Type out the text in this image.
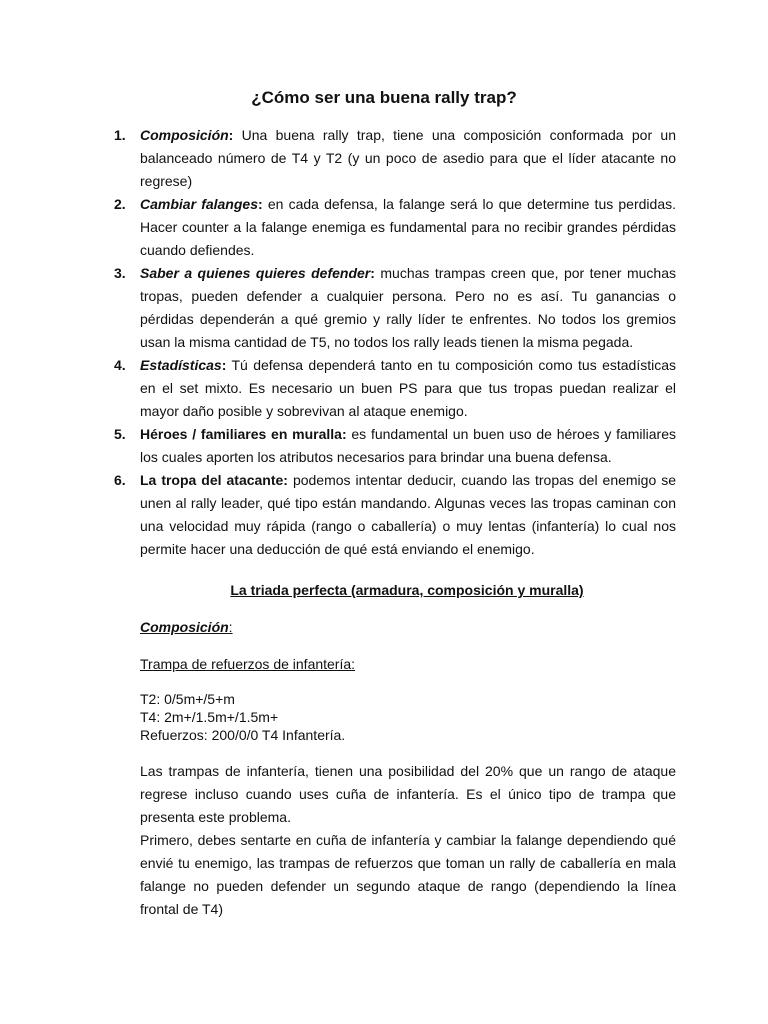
¿Cómo ser una buena rally trap?
1. Composición: Una buena rally trap, tiene una composición conformada por un balanceado número de T4 y T2 (y un poco de asedio para que el líder atacante no regrese)
2. Cambiar falanges: en cada defensa, la falange será lo que determine tus perdidas. Hacer counter a la falange enemiga es fundamental para no recibir grandes pérdidas cuando defiendes.
3. Saber a quienes quieres defender: muchas trampas creen que, por tener muchas tropas, pueden defender a cualquier persona. Pero no es así. Tu ganancias o pérdidas dependerán a qué gremio y rally líder te enfrentes. No todos los gremios usan la misma cantidad de T5, no todos los rally leads tienen la misma pegada.
4. Estadísticas: Tú defensa dependerá tanto en tu composición como tus estadísticas en el set mixto. Es necesario un buen PS para que tus tropas puedan realizar el mayor daño posible y sobrevivan al ataque enemigo.
5. Héroes / familiares en muralla: es fundamental un buen uso de héroes y familiares los cuales aporten los atributos necesarios para brindar una buena defensa.
6. La tropa del atacante: podemos intentar deducir, cuando las tropas del enemigo se unen al rally leader, qué tipo están mandando. Algunas veces las tropas caminan con una velocidad muy rápida (rango o caballería) o muy lentas (infantería) lo cual nos permite hacer una deducción de qué está enviando el enemigo.
La triada perfecta (armadura, composición y muralla)
Composición:
Trampa de refuerzos de infantería:
T2: 0/5m+/5+m
T4: 2m+/1.5m+/1.5m+
Refuerzos: 200/0/0 T4 Infantería.

Las trampas de infantería, tienen una posibilidad del 20% que un rango de ataque regrese incluso cuando uses cuña de infantería. Es el único tipo de trampa que presenta este problema.

Primero, debes sentarte en cuña de infantería y cambiar la falange dependiendo qué envié tu enemigo, las trampas de refuerzos que toman un rally de caballería en mala falange no pueden defender un segundo ataque de rango (dependiendo la línea frontal de T4)
